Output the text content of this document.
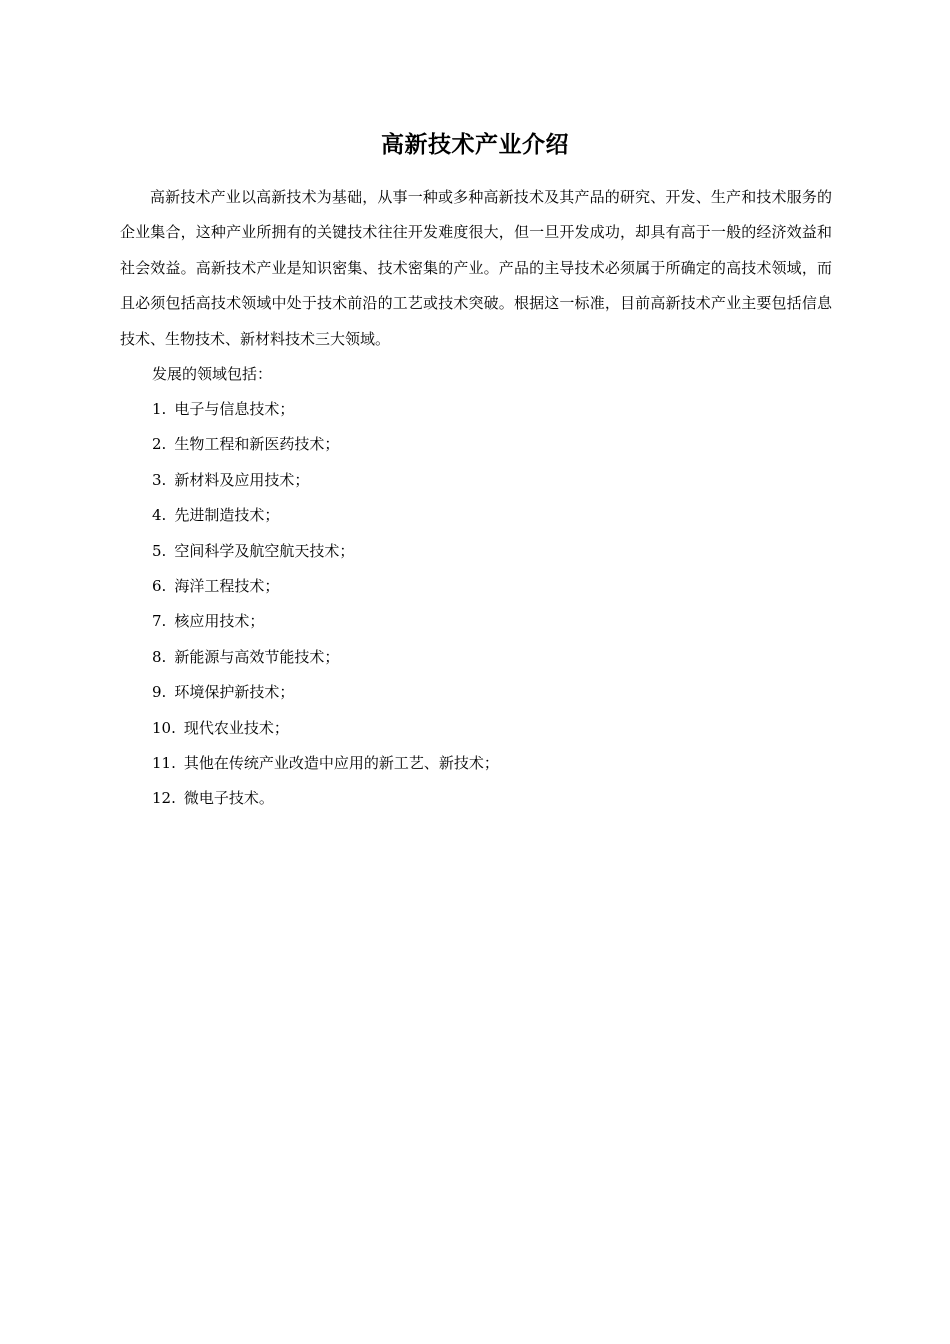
高新技术产业介绍

高新技术产业以高新技术为基础，从事一种或多种高新技术及其产品的研究、开发、生产和技术服务的企业集合，这种产业所拥有的关键技术往往开发难度很大，但一旦开发成功，却具有高于一般的经济效益和社会效益。高新技术产业是知识密集、技术密集的产业。产品的主导技术必须属于所确定的高技术领域，而且必须包括高技术领域中处于技术前沿的工艺或技术突破。根据这一标准，目前高新技术产业主要包括信息技术、生物技术、新材料技术三大领域。

发展的领域包括：

1. 电子与信息技术；
2. 生物工程和新医药技术；
3. 新材料及应用技术；
4. 先进制造技术；
5. 空间科学及航空航天技术；
6. 海洋工程技术；
7. 核应用技术；
8. 新能源与高效节能技术；
9. 环境保护新技术；
10. 现代农业技术；
11. 其他在传统产业改造中应用的新工艺、新技术；
12. 微电子技术。
